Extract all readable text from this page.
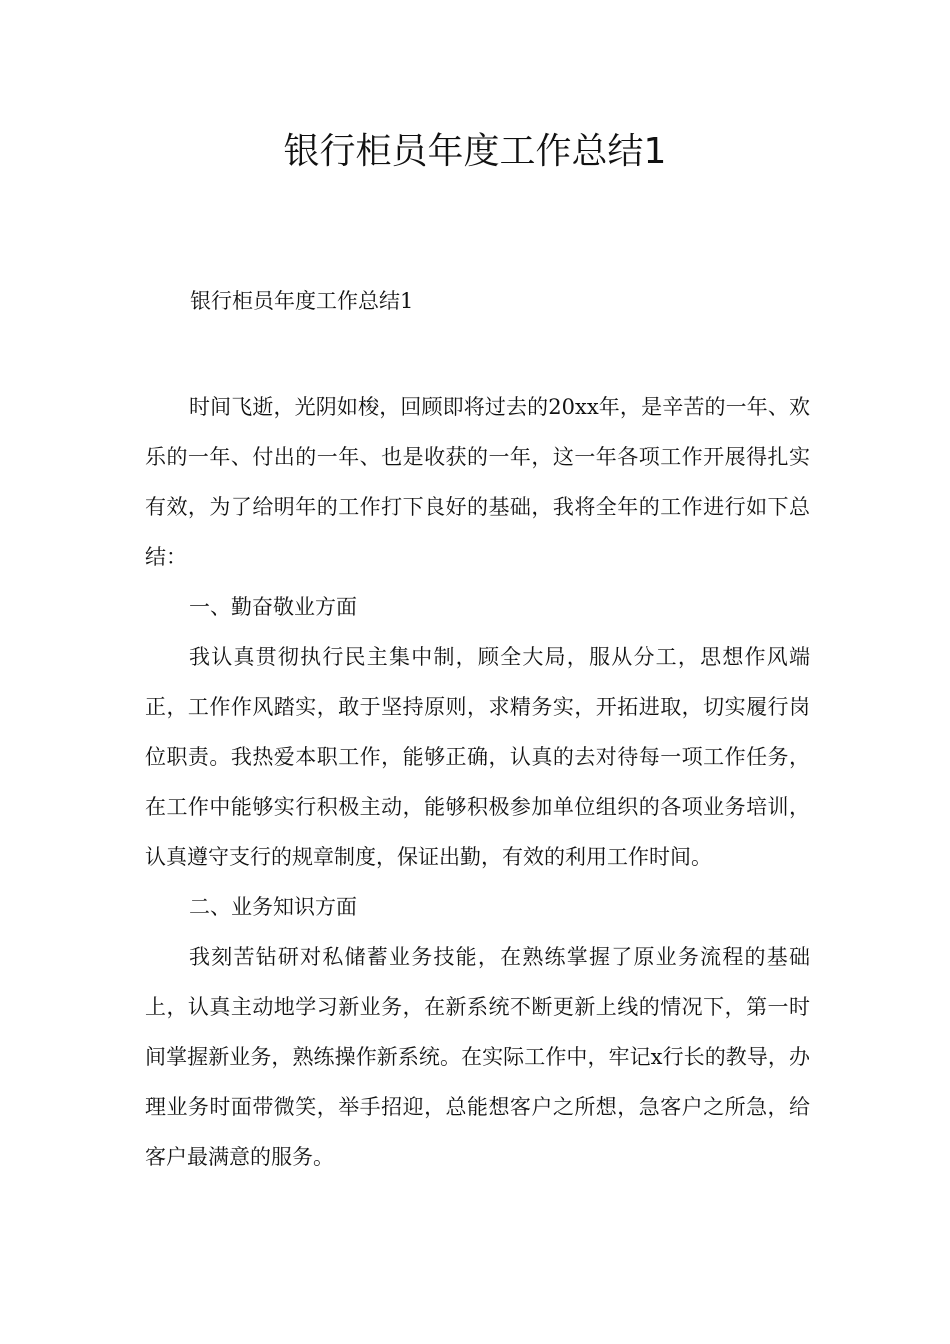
银行柜员年度工作总结1
银行柜员年度工作总结1

时间飞逝，光阴如梭，回顾即将过去的20xx年，是辛苦的一年、欢乐的一年、付出的一年、也是收获的一年，这一年各项工作开展得扎实有效，为了给明年的工作打下良好的基础，我将全年的工作进行如下总结：

一、勤奋敬业方面

我认真贯彻执行民主集中制，顾全大局，服从分工，思想作风端正，工作作风踏实，敢于坚持原则，求精务实，开拓进取，切实履行岗位职责。我热爱本职工作，能够正确，认真的去对待每一项工作任务，在工作中能够实行积极主动，能够积极参加单位组织的各项业务培训，认真遵守支行的规章制度，保证出勤，有效的利用工作时间。

二、业务知识方面

我刻苦钻研对私储蓄业务技能，在熟练掌握了原业务流程的基础上，认真主动地学习新业务，在新系统不断更新上线的情况下，第一时间掌握新业务，熟练操作新系统。在实际工作中，牢记x行长的教导，办理业务时面带微笑，举手招迎，总能想客户之所想，急客户之所急，给客户最满意的服务。
